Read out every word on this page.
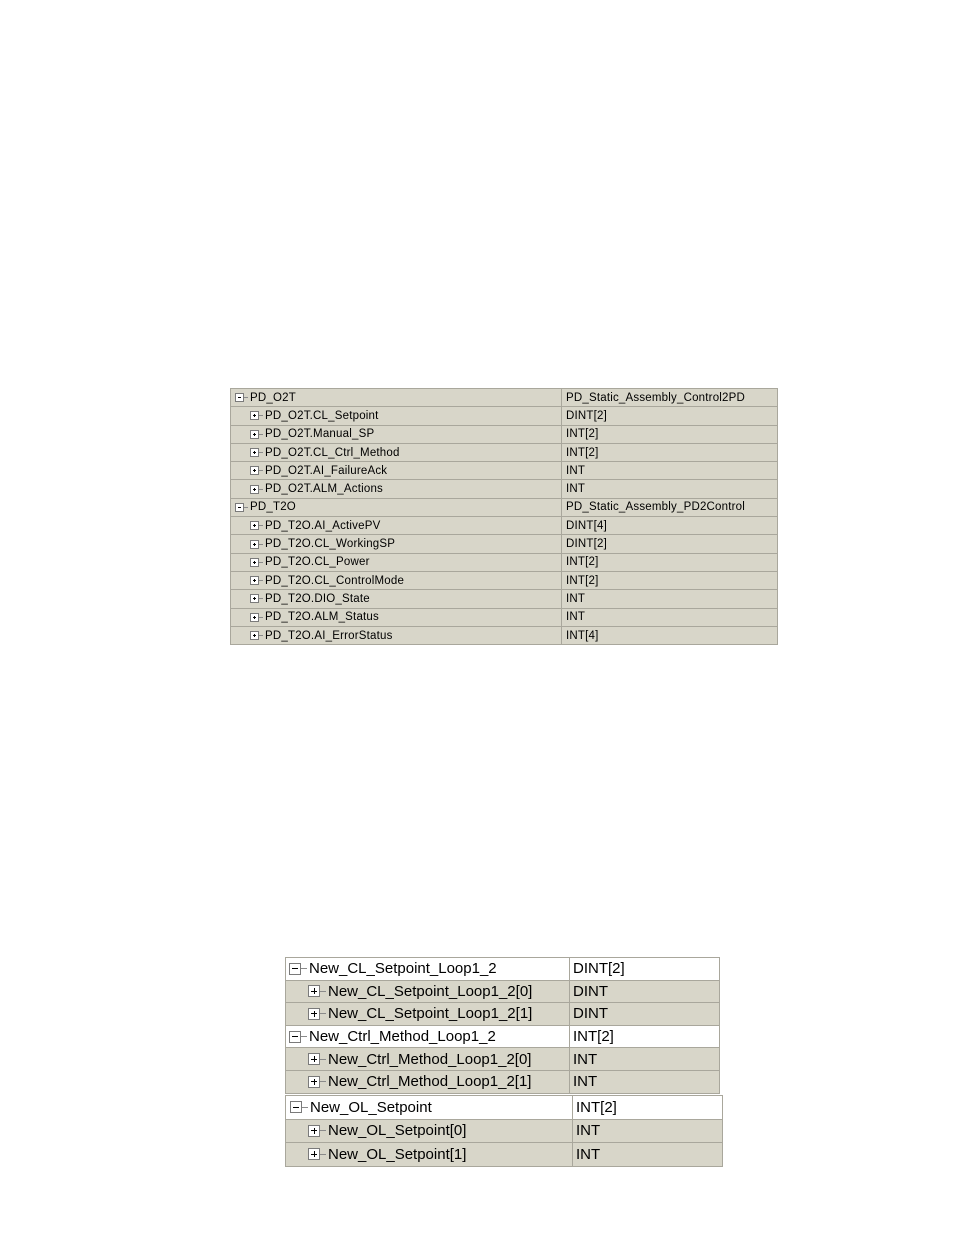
PD_O2T	PD_Static_Assembly_Control2PD

PD_O2T.CL_Setpoint	DINT[2]

PD_O2T.Manual_SP	INT[2]

PD_O2T.CL_Ctrl_Method	INT[2]

PD_O2T.AI_FailureAck	INT

PD_O2T.ALM_Actions	INT

PD_T2O	PD_Static_Assembly_PD2Control

PD_T2O.AI_ActivePV	DINT[4]

PD_T2O.CL_WorkingSP	DINT[2]

PD_T2O.CL_Power	INT[2]

PD_T2O.CL_ControlMode	INT[2]

PD_T2O.DIO_State	INT

PD_T2O.ALM_Status	INT

PD_T2O.AI_ErrorStatus	INT[4]
New_CL_Setpoint_Loop1_2	DINT[2]

New_CL_Setpoint_Loop1_2[0]	DINT

New_CL_Setpoint_Loop1_2[1]	DINT

New_Ctrl_Method_Loop1_2	INT[2]

New_Ctrl_Method_Loop1_2[0]	INT

New_Ctrl_Method_Loop1_2[1]	INT
New_OL_Setpoint	INT[2]

New_OL_Setpoint[0]	INT

New_OL_Setpoint[1]	INT
